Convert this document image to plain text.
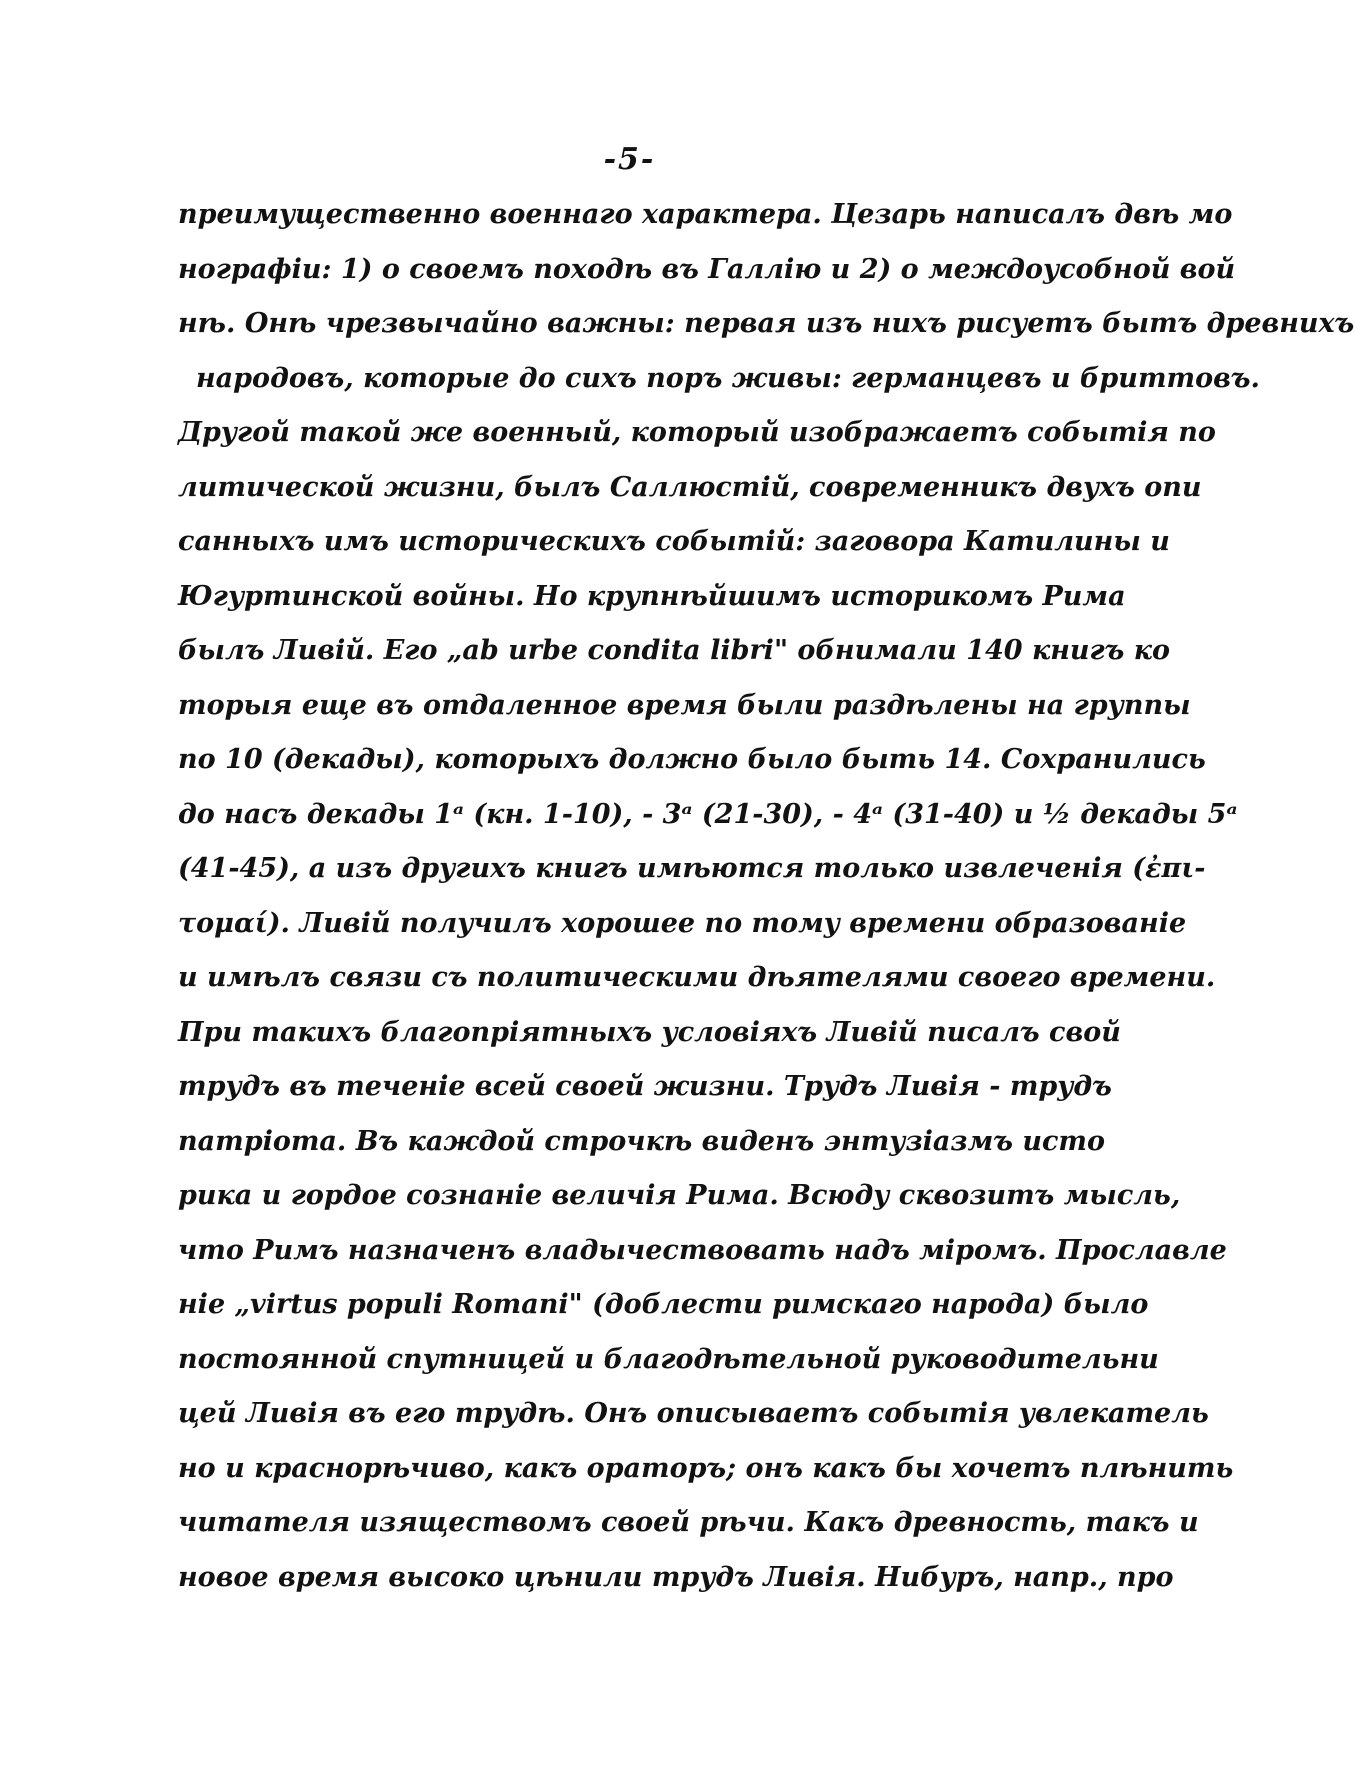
-5-
преимущественно военнаго характера. Цезарь написалъ двѣ мо
нографіи: 1) о своемъ походѣ въ Галлію и 2) о междоусобной вой
нѣ. Онѣ чрезвычайно важны: первая изъ нихъ рисуетъ бытъ древнихъ
народовъ, которые до сихъ поръ живы: германцевъ и бриттовъ.
Другой такой же военный, который изображаетъ событія по
литической жизни, былъ Саллюстій, современникъ двухъ опи
санныхъ имъ историческихъ событій: заговора Катилины и
Югуртинской войны. Но крупнѣйшимъ историкомъ Рима
былъ Ливій. Его „ab urbe condita libri" обнимали 140 книгъ ко
торыя еще въ отдаленное время были раздѣлены на группы
по 10 (декады), которыхъ должно было быть 14. Сохранились
до насъ декады 1ᵃ (кн. 1-10), - 3ᵃ (21-30), - 4ᵃ (31-40) и ½ декады 5ᵃ
(41-45), а изъ другихъ книгъ имѣются только извлеченія (ἐπι-
τομαί). Ливій получилъ хорошее по тому времени образованіе
и имѣлъ связи съ политическими дѣятелями своего времени.
При такихъ благопріятныхъ условіяхъ Ливій писалъ свой
трудъ въ теченіе всей своей жизни. Трудъ Ливія - трудъ
патріота. Въ каждой строчкѣ виденъ энтузіазмъ исто
рика и гордое сознаніе величія Рима. Всюду сквозитъ мысль,
что Римъ назначенъ владычествовать надъ міромъ. Прославле
ніе „virtus populi Romani" (доблести римскаго народа) было
постоянной спутницей и благодѣтельной руководительни
цей Ливія въ его трудѣ. Онъ описываетъ событія увлекатель
но и краснорѣчиво, какъ ораторъ; онъ какъ бы хочетъ плѣнить
читателя изяществомъ своей рѣчи. Какъ древность, такъ и
новое время высоко цѣнили трудъ Ливія. Нибуръ, напр., про
